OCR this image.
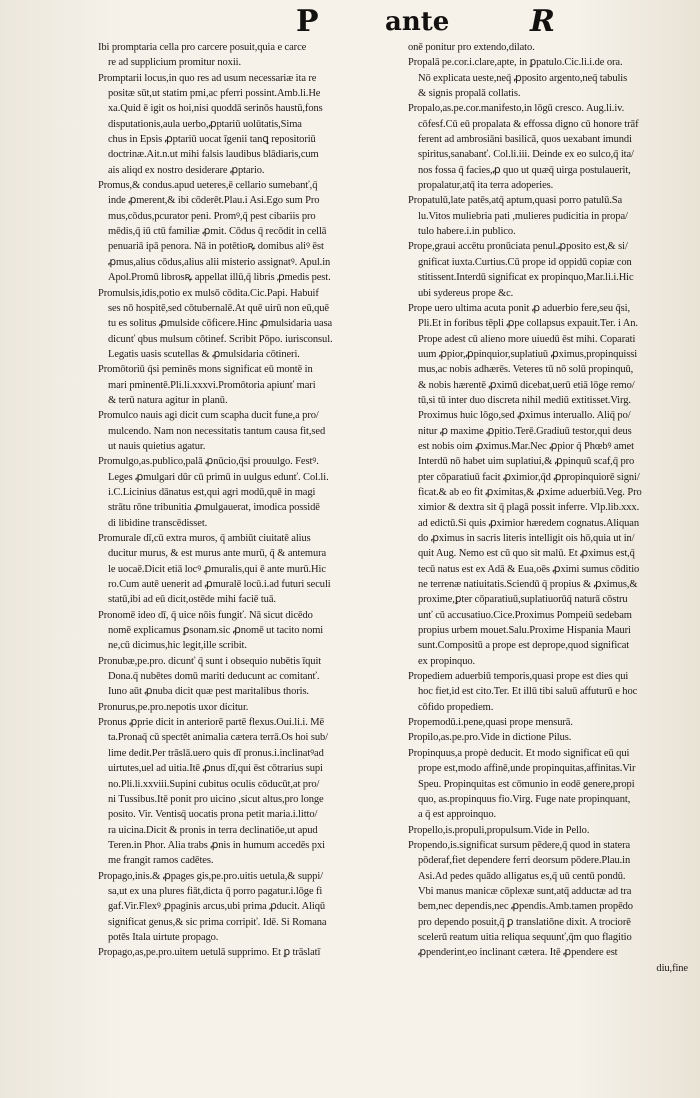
P	ante	R
Ibi promptaria cella pro carcere posuit,quia e carce
re ad supplicium promitur noxii.
Promptarii locus,in quo res ad usum necessariæ ita re
positæ sūt,ut statim pmi,ac pferri possint.Amb.li.He
xa.Quid ē igit os hoi,nisi quoddā serinōs haustū,fons
disputationis,aula uerbo,ꝓptariū uolūtatis,Sima
chus in Epsis ꝓptariū uocat īgenii tanꝗ repositoriū
doctrinæ.Ait.n.ut mihi falsis laudibus blādiaris,cum
ais aliqd ex nostro desiderare ꝓptario.
Promus,& condus.apud ueteres,ē cellario sumebanť,q̄
inde ꝓmerent,& ibi cōderēt.Plau.i Asi.Ego sum Pro
mus,cōdus,pcurator peni. Promꝰ,q̄ pest cibariis pro
mēdis,q̄ iū ctū familiæ ꝓmit. Cōdus q̄ recōdit in cellā
penuariā ipā penora. Nā in potētioꝶ domibus aliꝰ ēst
ꝓmus,alius cōdus,alius alii misterio assignatꝰ. Apul.in
Apol.Promū librosꝶ appellat illū,q̄ libris ꝓmedis pest.
Promulsis,idis,potio ex mulsō cōdita.Cic.Papi. Habuif
ses nō hospitē,sed cōtubernalē.At quē uirū non eū,quē
tu es solitus ꝓmulside cōficere.Hinc ꝓmulsidaria uasa
dicunť qbus mulsum cōtinef. Scribit Pōpo. iurisconsul.
Legatis uasis scutellas & ꝓmulsidaria cōtineri.
Promōtoriū q̄si peminēs mons significat eū montē in
mari pminentē.Pli.li.xxxvi.Promōtoria apiunť mari
& terū natura agitur in planū.
Promulco nauis agi dicit cum scapha ducit fune,a pro/
mulcendo. Nam non necessitatis tantum causa fit,sed
ut nauis quietius agatur.
Promulgo,as.publico,palā ꝓnūcio,q̄si prouulgo. Festꝰ.
Leges ꝓmulgari dūr cū primū in uulgus edunť. Col.li.
i.C.Licinius dānatus est,qui agri modū,quē in magi
strātu rōne tribunitia ꝓmulgauerat, imodica possidē
di libidine transcēdisset.
Promurale dī,cū extra muros, q̄ ambiūt ciuitatē alius
ducitur murus, & est murus ante murū, q̄ & antemura
le uocaē.Dicit etiā locꝰ ꝓmuralis,qui ē ante murū.Hic
ro.Cum autē uenerit ad ꝓmuralē locū.i.ad futuri seculi
statū,ibi ad eū dicit,ostēde mihi faciē tuā.
Pronomē ideo dī, q̄ uice nōis fungiť. Nā sicut dicēdo
nomē explicamus ꝑsonam.sic ꝓnomē ut tacito nomi
ne,cū dicimus,hic legit,ille scribit.
Pronubæ,pe.pro. dicunť q̄ sunt i obsequio nubētis īquit
Dona.q̄ nubētes domū mariti deducunt ac comitanť.
Iuno aūt ꝓnuba dicit quæ pest maritalibus thoris.
Pronurus,pe.pro.nepotis uxor dicitur.
Pronus ꝓprie dicit in anteriorē partē flexus.Oui.li.i. Mē
ta.Pronaq̄ cū spectēt animalia cætera terrā.Os hoi sub/
lime dedit.Per trāslā.uero quis dī pronus.i.inclinatꝰad
uirtutes,uel ad uitia.Itē ꝓnus dī,qui ēst cōtrarius supi
no.Pli.li.xxviii.Supini cubitus oculis cōducūt,at pro/
ni Tussibus.Itē ponit pro uicino ,sicut altus,pro longe
posito. Vir. Ventisq̄ uocatis prona petit maria.i.litto/
ra uicina.Dicit & pronis in terra declinatiōe,ut apud
Teren.in Phor. Alia trabs ꝓnis in humum accedēs pxi
me frangit ramos cadētes.
Propago,inis.& ꝓpages gis,pe.pro.uitis uetula,& suppi/
sa,ut ex una plures fiāt,dicta q̄ porro pagatur.i.lōge fi
gaf.Vir.Flexꝰ ꝓpaginis arcus,ubi prima ꝓducit. Aliqū
significat genus,& sic prima corripiť. Idē. Si Romana
potēs Itala uirtute propago.
Propago,as,pe.pro.uitem uetulā supprimo. Et ꝑ trāslatī
onē ponitur pro extendo,dilato.
Propalā pe.cor.i.clare,apte, in ꝑpatulo.Cic.li.i.de ora.
Nō explicata ueste,neq̄ ꝓposito argento,neq̄ tabulis
& signis propalā collatis.
Propalo,as.pe.cor.manifesto,in lōgū cresco. Aug.li.iv.
cōfesf.Cū eū propalata & effossa digno cū honore trāf
ferent ad ambrosiāni basilicā, quos uexabant imundi
spiritus,sanabanť. Col.li.iii. Deinde ex eo sulco,q̄ ita/
nos fossa q̄ facies,ꝓ quo ut quæq̄ uirga postulauerit,
propalatur,atq̄ ita terra adoperies.
Propatulū,late patēs,atq̄ aptum,quasi porro patulū.Sa
lu.Vitos muliebria pati ,mulieres pudicitia in propa/
tulo habere.i.in publico.
Prope,graui accētu pronūciata penul.ꝓposito est,& si/
gnificat iuxta.Curtius.Cū prope id oppidū copiæ con
stitissent.Interdū significat ex propinquo,Mar.li.i.Hic
ubi sydereus prope &c.
Prope uero ultima acuta ponit ꝓ aduerbio fere,seu q̄si,
Pli.Et in foribus tēpli ꝓpe collapsus expauit.Ter. i An.
Prope adest cū alieno more uiuedū ēst mihi. Coparati
uum ꝓpior,ꝓpinquior,suplatiuū ꝓximus,propinquissi
mus,ac nobis adhærēs. Veteres tū nō solū propinquū,
& nobis hærentē ꝓximū dicebat,uerū etiā lōge remo/
tū,si tū inter duo discreta nihil mediū extitisset.Virg.
Proximus huic lōgo,sed ꝓximus interuallo. Aliq̄ po/
nitur ꝓ maxime ꝓpitio.Terē.Gradiuū testor,qui deus
est nobis oim ꝓximus.Mar.Nec ꝓpior q̄ Phœbꝰ amet
Interdū nō habet uim suplatiui,& ꝓpinquū scaf,q̄ pro
pter cōparatiuū facit ꝓximior,q̄d ꝓpropinquiorē signi/
ficat.& ab eo fit ꝓximitas,& ꝓxime aduerbiū.Veg. Pro
ximior & dextra sit q̄ plagā possit inferre. Vlp.lib.xxx.
ad edictū.Si quis ꝓximior hæredem cognatus.Aliquan
do ꝓximus in sacris literis intelligit ois hō,quia ut in/
quit Aug. Nemo est cū quo sit malū. Et ꝓximus est,q̄
tecū natus est ex Adā & Eua,oēs ꝓximi sumus cōditio
ne terrenæ natiuitatis.Sciendū q̄ propius & ꝓximus,&
proxime,ꝑter cōparatiuū,suplatiuorūq̄ naturā cōstru
unť cū accusatiuo.Cice.Proximus Pompeiū sedebam
propius urbem mouet.Salu.Proxime Hispania Mauri
sunt.Compositū a prope est deprope,quod significat
ex propinquo.
Propediem aduerbiū temporis,quasi prope est dies qui
hoc fiet,id est cito.Ter. Et illū tibi saluū affuturū e hoc
cōfido propediem.
Propemodū.i.pene,quasi prope mensurā.
Propilo,as.pe.pro.Vide in dictione Pilus.
Propinquus,a propè deducit. Et modo significat eū qui
prope est,modo affinē,unde propinquitas,affinitas.Vir
Speu. Propinquitas est cōmunio in eodē genere,propi
quo, as.propinquus fio.Virg. Fuge nate propinquant,
a q̄ est approinquo.
Propello,is.propuli,propulsum.Vide in Pello.
Propendo,is.significat sursum pēdere,q̄ quod in statera
pōderaf,fiet dependere ferri deorsum pōdere.Plau.in
Asi.Ad pedes quādo alligatus es,q̄ uū centū pondū.
Vbi manus manicæ cōplexæ sunt,atq̄ adductæ ad tra
bem,nec dependis,nec ꝓpendis.Amb.tamen propēdo
pro dependo posuit,q̄ ꝑ translatiōne dixit. A trociorē
scelerū reatum uitia reliqua sequunť,q̄m quo flagitio
ꝓpenderint,eo inclinant cætera. Itē ꝓpendere est
diu,fine
